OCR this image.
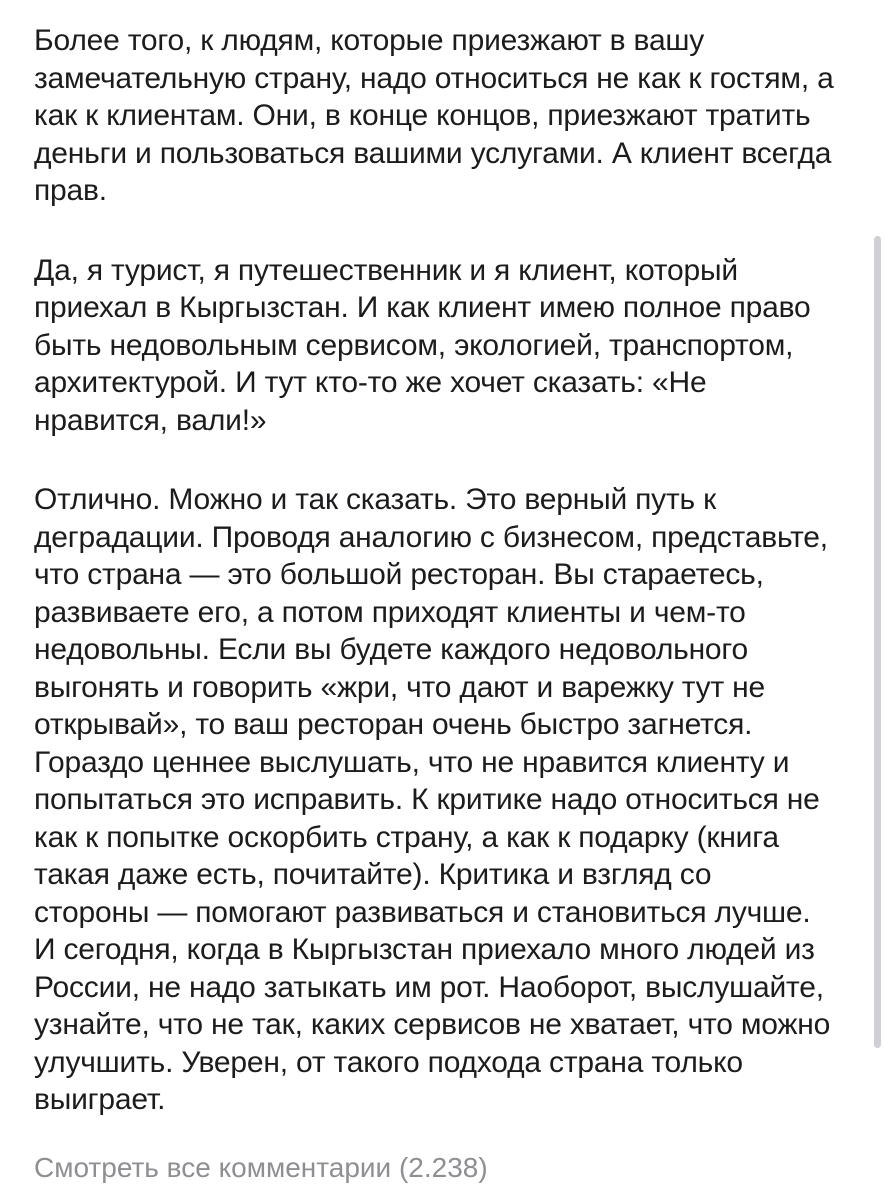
Более того, к людям, которые приезжают в вашу замечательную страну, надо относиться не как к гостям, а как к клиентам. Они, в конце концов, приезжают тратить деньги и пользоваться вашими услугами. А клиент всегда прав.

Да, я турист, я путешественник и я клиент, который приехал в Кыргызстан. И как клиент имею полное право быть недовольным сервисом, экологией, транспортом, архитектурой. И тут кто-то же хочет сказать: «Не нравится, вали!»

Отлично. Можно и так сказать. Это верный путь к деградации. Проводя аналогию с бизнесом, представьте, что страна — это большой ресторан. Вы стараетесь, развиваете его, а потом приходят клиенты и чем-то недовольны. Если вы будете каждого недовольного выгонять и говорить «жри, что дают и варежку тут не открывай», то ваш ресторан очень быстро загнется. Гораздо ценнее выслушать, что не нравится клиенту и попытаться это исправить. К критике надо относиться не как к попытке оскорбить страну, а как к подарку (книга такая даже есть, почитайте). Критика и взгляд со стороны — помогают развиваться и становиться лучше. И сегодня, когда в Кыргызстан приехало много людей из России, не надо затыкать им рот. Наоборот, выслушайте, узнайте, что не так, каких сервисов не хватает, что можно улучшить. Уверен, от такого подхода страна только выиграет.

Смотреть все комментарии (2.238)
